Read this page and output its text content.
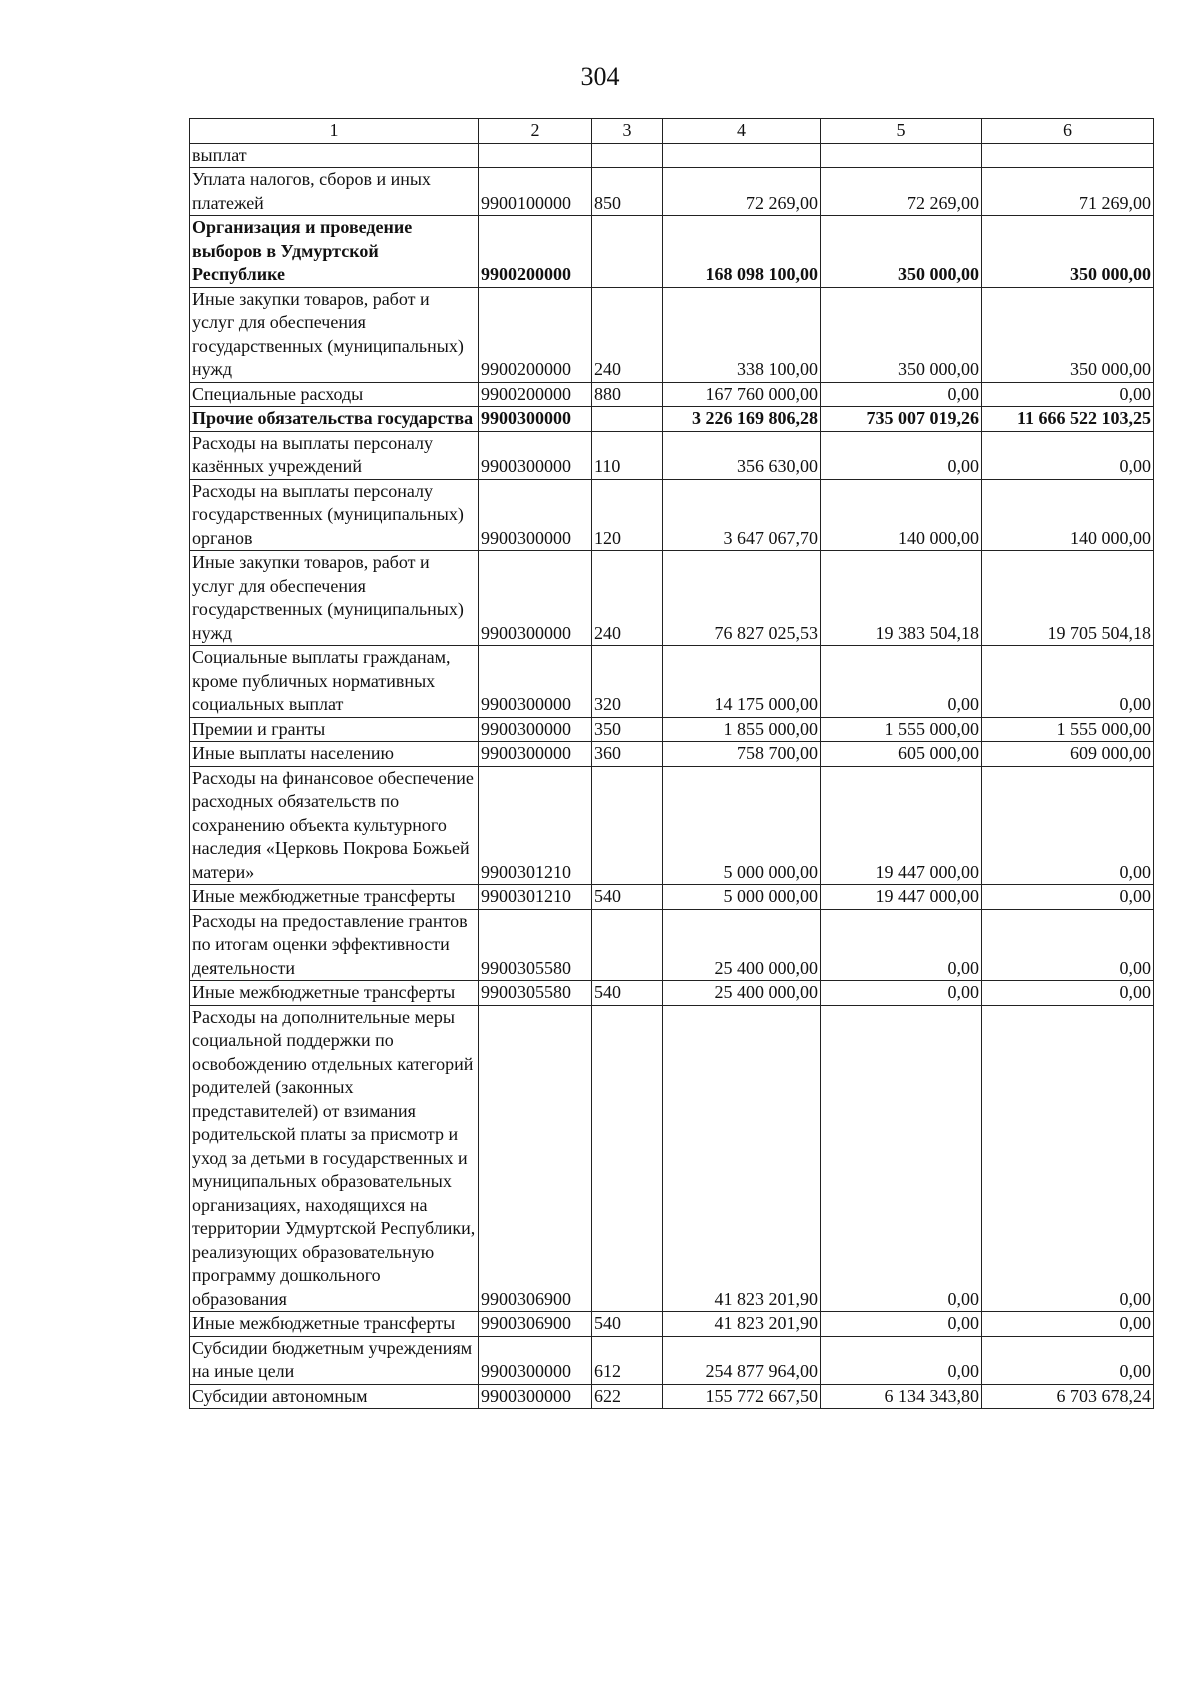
304
1	2	3	4	5	6
выплат					
Уплата налогов, сборов и иных платежей	9900100000	850	72 269,00	72 269,00	71 269,00
Организация и проведение выборов в Удмуртской Республике	9900200000		168 098 100,00	350 000,00	350 000,00
Иные закупки товаров, работ и услуг для обеспечения государственных (муниципальных) нужд	9900200000	240	338 100,00	350 000,00	350 000,00
Специальные расходы	9900200000	880	167 760 000,00	0,00	0,00
Прочие обязательства государства	9900300000		3 226 169 806,28	735 007 019,26	11 666 522 103,25
Расходы на выплаты персоналу казённых учреждений	9900300000	110	356 630,00	0,00	0,00
Расходы на выплаты персоналу государственных (муниципальных) органов	9900300000	120	3 647 067,70	140 000,00	140 000,00
Иные закупки товаров, работ и услуг для обеспечения государственных (муниципальных) нужд	9900300000	240	76 827 025,53	19 383 504,18	19 705 504,18
Социальные выплаты гражданам, кроме публичных нормативных социальных выплат	9900300000	320	14 175 000,00	0,00	0,00
Премии и гранты	9900300000	350	1 855 000,00	1 555 000,00	1 555 000,00
Иные выплаты населению	9900300000	360	758 700,00	605 000,00	609 000,00
Расходы на финансовое обеспечение расходных обязательств по сохранению объекта культурного наследия «Церковь Покрова Божьей матери»	9900301210		5 000 000,00	19 447 000,00	0,00
Иные межбюджетные трансферты	9900301210	540	5 000 000,00	19 447 000,00	0,00
Расходы на предоставление грантов по итогам оценки эффективности деятельности	9900305580		25 400 000,00	0,00	0,00
Иные межбюджетные трансферты	9900305580	540	25 400 000,00	0,00	0,00
Расходы на дополнительные меры социальной поддержки по освобождению отдельных категорий родителей (законных представителей) от взимания родительской платы за присмотр и уход за детьми в государственных и муниципальных образовательных организациях, находящихся на территории Удмуртской Республики, реализующих образовательную программу дошкольного образования	9900306900		41 823 201,90	0,00	0,00
Иные межбюджетные трансферты	9900306900	540	41 823 201,90	0,00	0,00
Субсидии бюджетным учреждениям на иные цели	9900300000	612	254 877 964,00	0,00	0,00
Субсидии автономным	9900300000	622	155 772 667,50	6 134 343,80	6 703 678,24
